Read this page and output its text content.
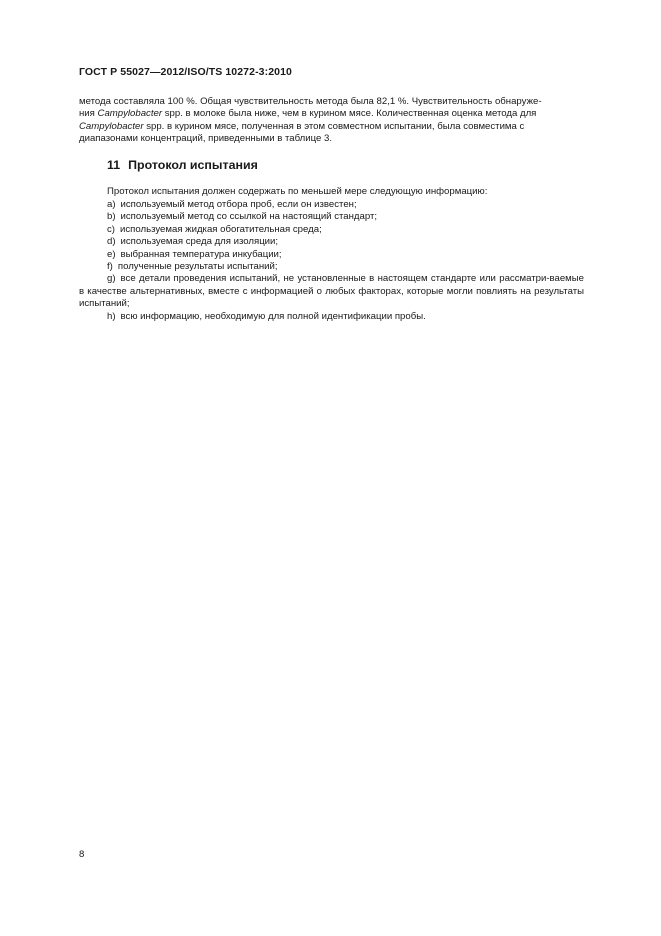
ГОСТ Р 55027—2012/ISO/TS 10272-3:2010

метода составляла 100 %. Общая чувствительность метода была 82,1 %. Чувствительность обнаруже-

ния Campylobacter spp. в молоке была ниже, чем в курином мясе. Количественная оценка метода для

Campylobacter spp. в курином мясе, полученная в этом совместном испытании, была совместима с

диапазонами концентраций, приведенными в таблице 3.

11 Протокол испытания

Протокол испытания должен содержать по меньшей мере следующую информацию:

a) используемый метод отбора проб, если он известен;
b) используемый метод со ссылкой на настоящий стандарт;
c) используемая жидкая обогатительная среда;
d) используемая среда для изоляции;
e) выбранная температура инкубации;
f) полученные результаты испытаний;
g) все детали проведения испытаний, не установленные в настоящем стандарте или рассматри-ваемые в качестве альтернативных, вместе с информацией о любых факторах, которые могли повлиять на результаты испытаний;
h) всю информацию, необходимую для полной идентификации пробы.
8
